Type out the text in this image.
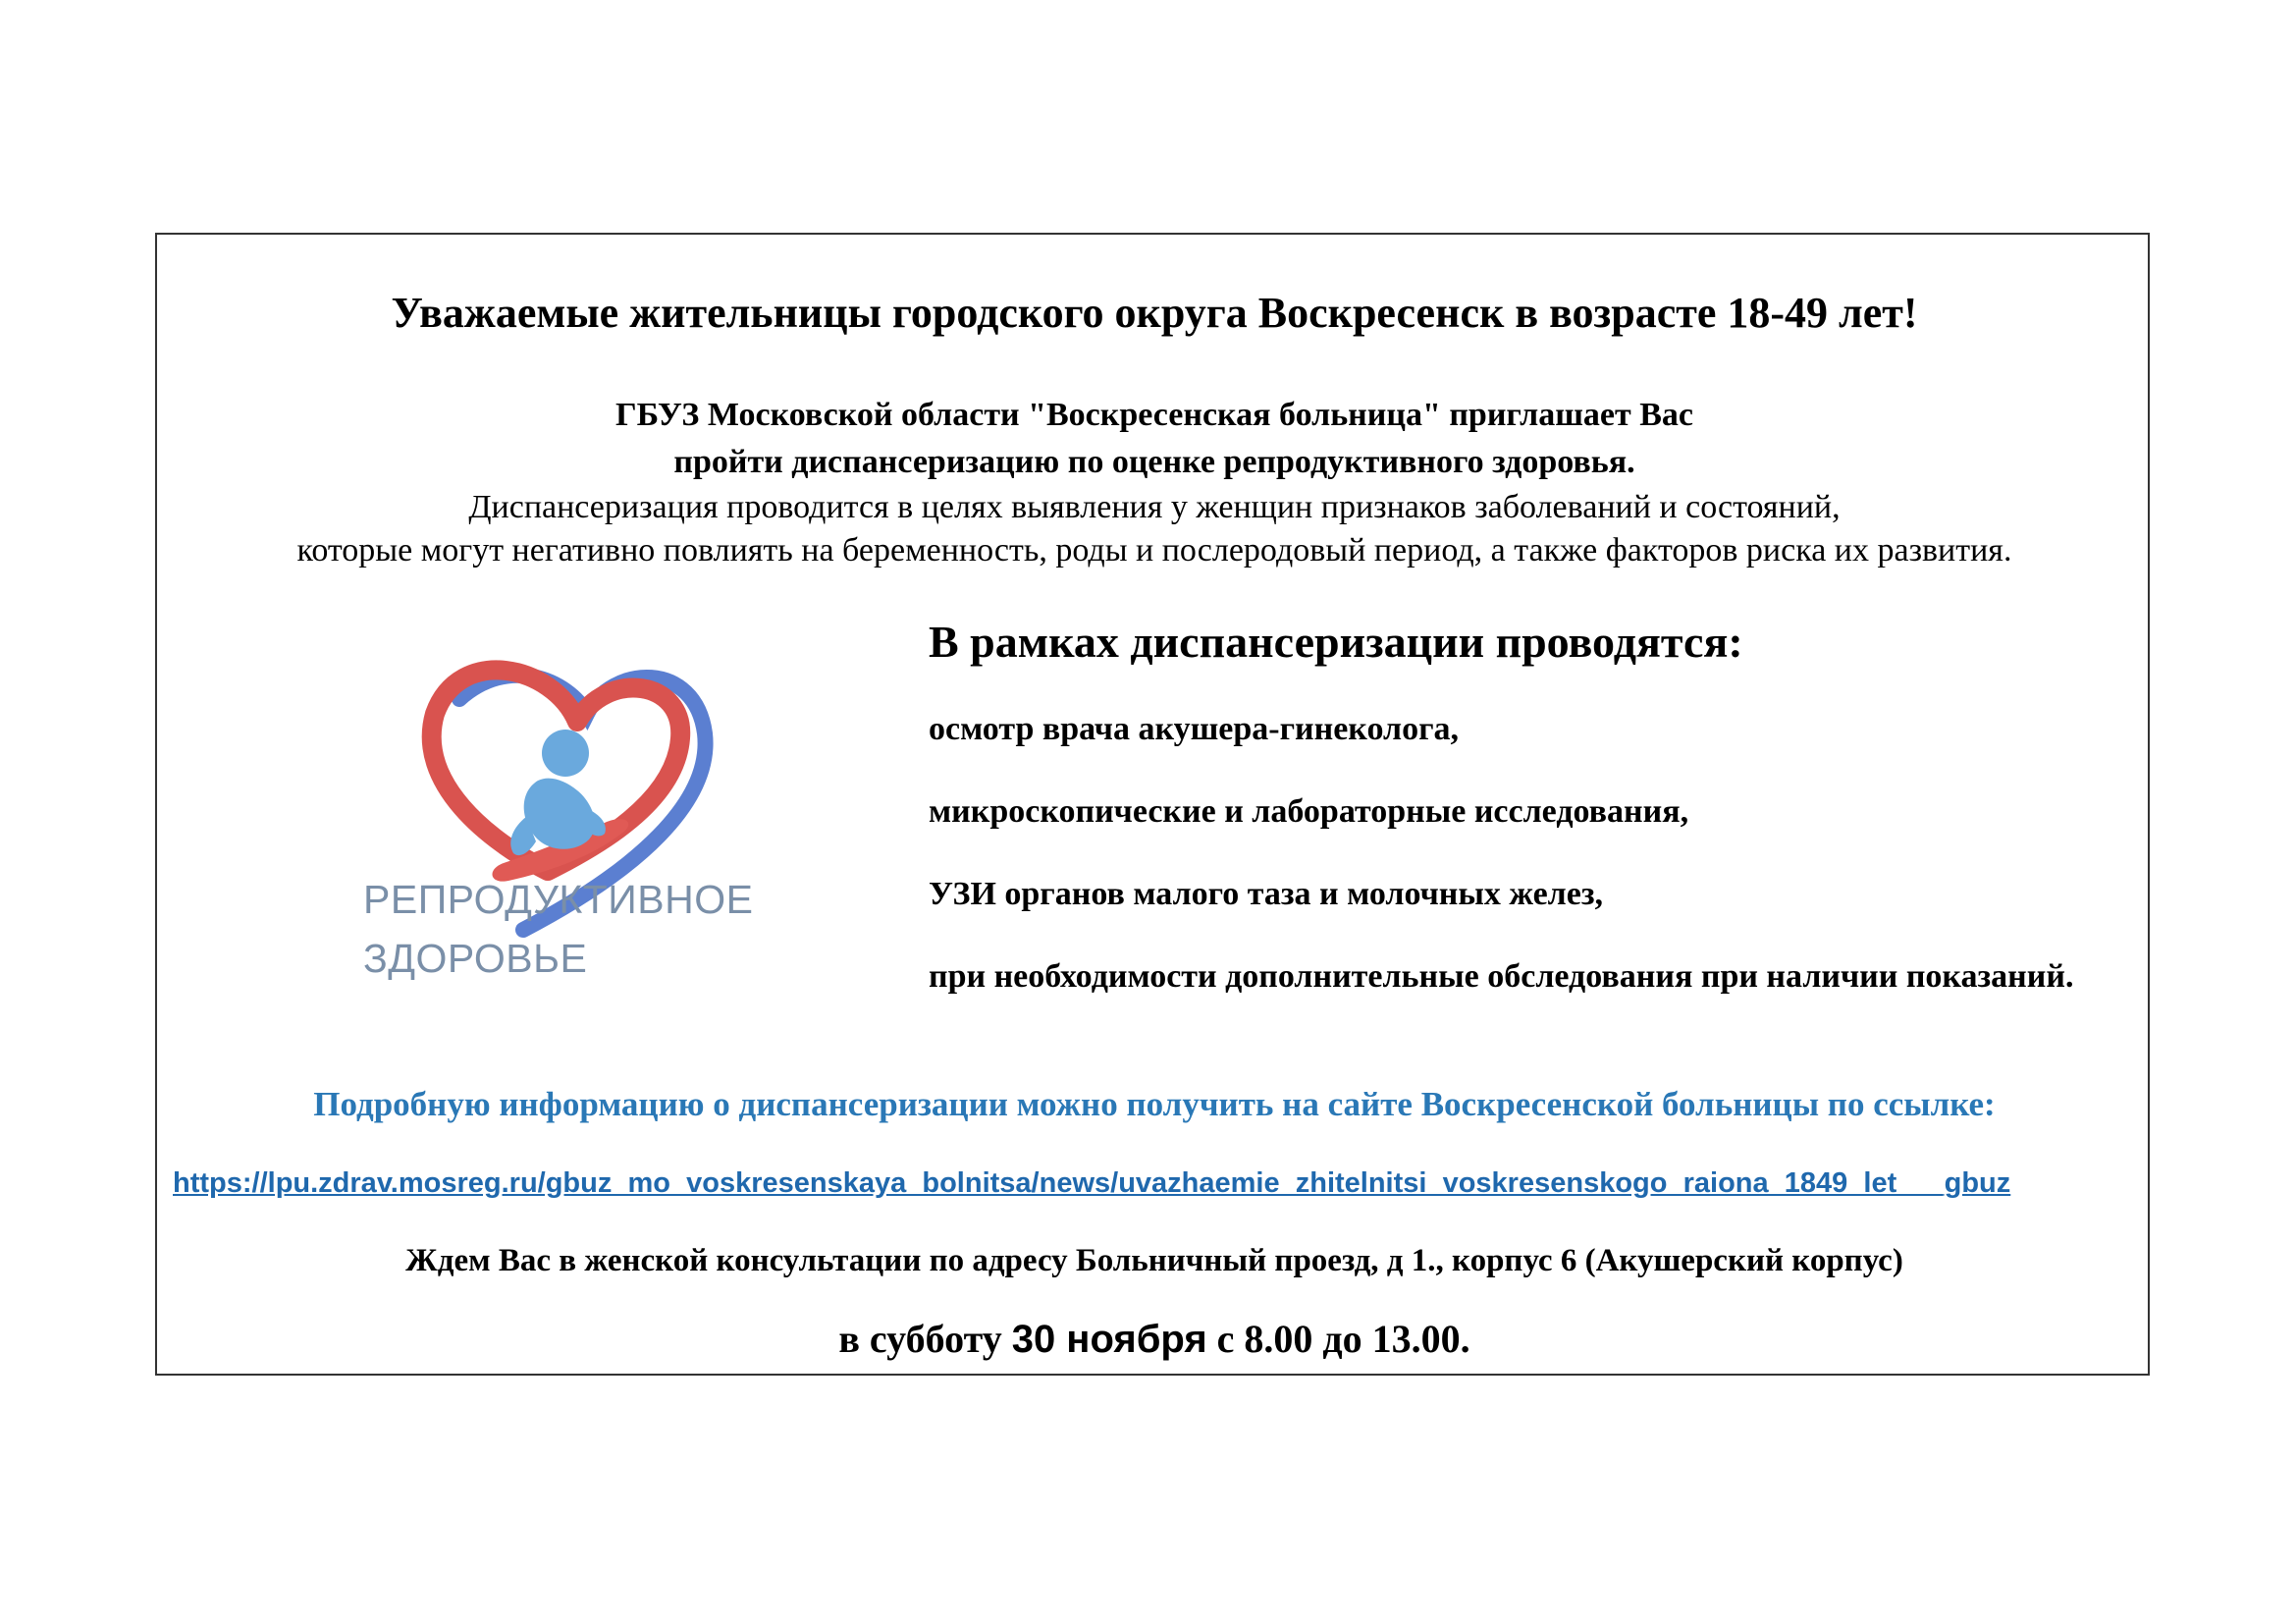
Уважаемые жительницы городского округа Воскресенск в возрасте 18-49 лет!
ГБУЗ Московской области "Воскресенская больница" приглашает Вас
пройти диспансеризацию по оценке репродуктивного здоровья.
Диспансеризация проводится в целях выявления у женщин признаков заболеваний и состояний,
которые могут негативно повлиять на беременность, роды и послеродовый период, а также факторов риска их развития.
РЕПРОДУКТИВНОЕ
ЗДОРОВЬЕ
В рамках диспансеризации проводятся:
осмотр врача акушера-гинеколога,
микроскопические и лабораторные исследования,
УЗИ органов малого таза и молочных желез,
при необходимости дополнительные обследования при наличии показаний.
Подробную информацию о диспансеризации можно получить на сайте Воскресенской больницы по ссылке:
https://lpu.zdrav.mosreg.ru/gbuz_mo_voskresenskaya_bolnitsa/news/uvazhaemie_zhitelnitsi_voskresenskogo_raiona_1849_let___gbuz
Ждем Вас в женской консультации по адресу Больничный проезд, д 1., корпус 6 (Акушерский корпус)
в субботу 30 ноября с 8.00 до 13.00.
